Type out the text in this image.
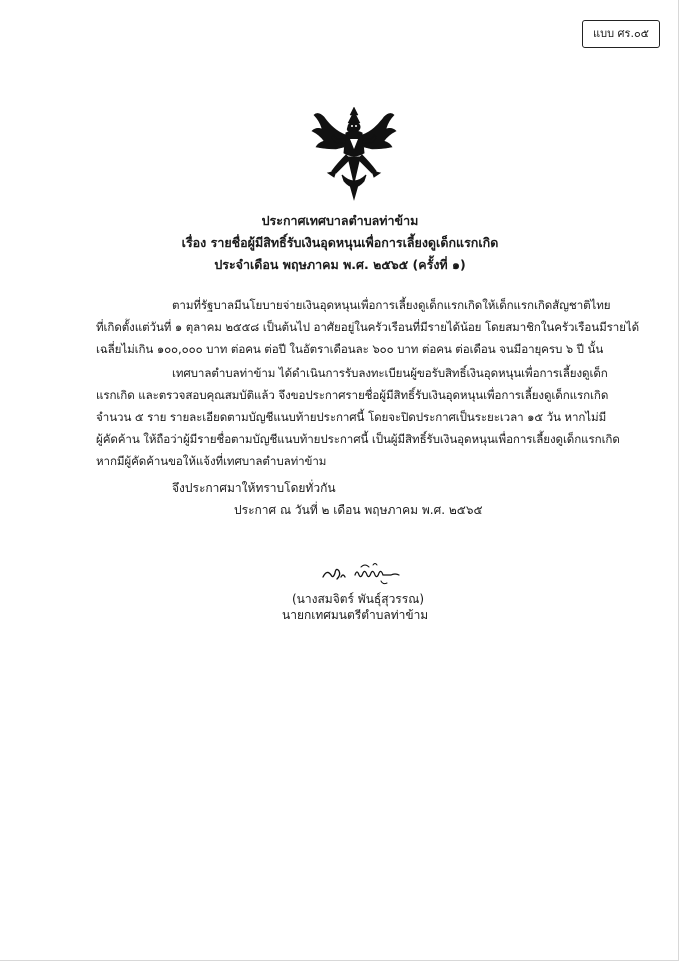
แบบ ศร.๐๕
ประกาศเทศบาลตำบลท่าข้าม
เรื่อง รายชื่อผู้มีสิทธิ์รับเงินอุดหนุนเพื่อการเลี้ยงดูเด็กแรกเกิด
ประจำเดือน พฤษภาคม พ.ศ. ๒๕๖๕ (ครั้งที่ ๑)
ตามที่รัฐบาลมีนโยบายจ่ายเงินอุดหนุนเพื่อการเลี้ยงดูเด็กแรกเกิดให้เด็กแรกเกิดสัญชาติไทย
ที่เกิดตั้งแต่วันที่ ๑ ตุลาคม ๒๕๕๘ เป็นต้นไป อาศัยอยู่ในครัวเรือนที่มีรายได้น้อย โดยสมาชิกในครัวเรือนมีรายได้
เฉลี่ยไม่เกิน ๑๐๐,๐๐๐ บาท ต่อคน ต่อปี ในอัตราเดือนละ ๖๐๐ บาท ต่อคน ต่อเดือน จนมีอายุครบ ๖ ปี นั้น
เทศบาลตำบลท่าข้าม ได้ดำเนินการรับลงทะเบียนผู้ขอรับสิทธิ์เงินอุดหนุนเพื่อการเลี้ยงดูเด็ก
แรกเกิด และตรวจสอบคุณสมบัติแล้ว จึงขอประกาศรายชื่อผู้มีสิทธิ์รับเงินอุดหนุนเพื่อการเลี้ยงดูเด็กแรกเกิด
จำนวน ๕ ราย รายละเอียดตามบัญชีแนบท้ายประกาศนี้ โดยจะปิดประกาศเป็นระยะเวลา ๑๕ วัน หากไม่มี
ผู้คัดค้าน ให้ถือว่าผู้มีรายชื่อตามบัญชีแนบท้ายประกาศนี้ เป็นผู้มีสิทธิ์รับเงินอุดหนุนเพื่อการเลี้ยงดูเด็กแรกเกิด
หากมีผู้คัดค้านขอให้แจ้งที่เทศบาลตำบลท่าข้าม
จึงประกาศมาให้ทราบโดยทั่วกัน
ประกาศ ณ วันที่ ๒ เดือน พฤษภาคม พ.ศ. ๒๕๖๕
(นางสมจิตร์ พันธุ์สุวรรณ)
นายกเทศมนตรีตำบลท่าข้าม
